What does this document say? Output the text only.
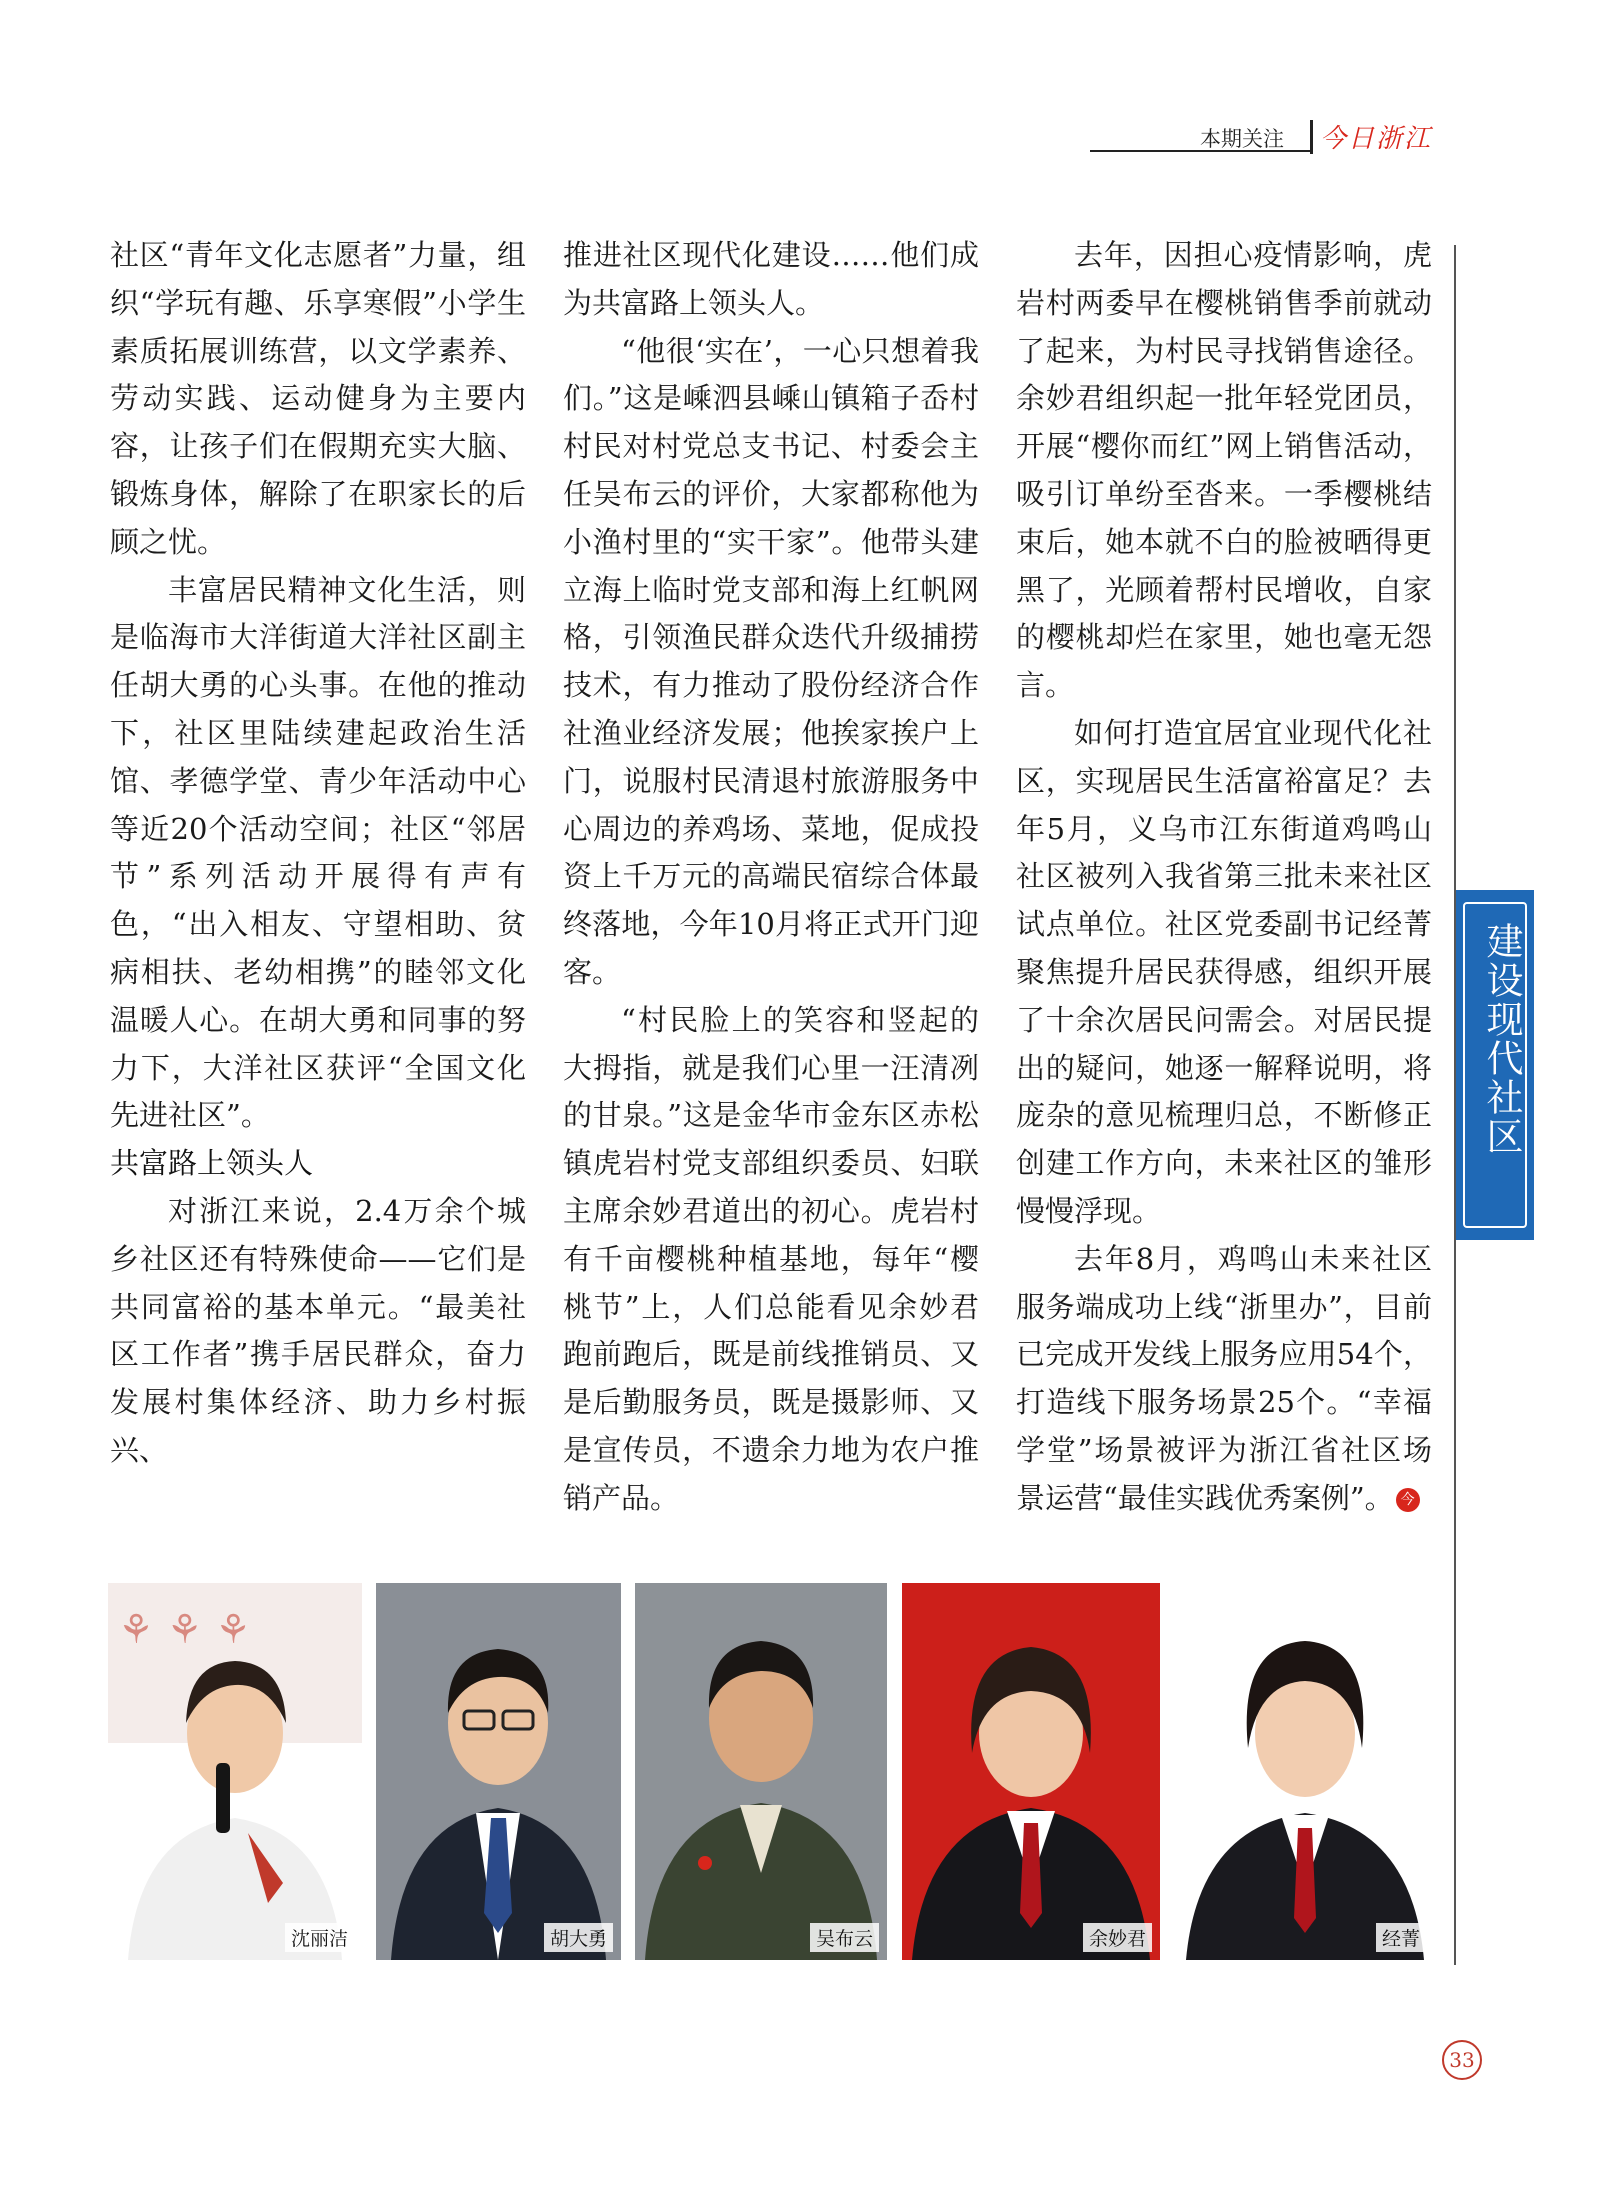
本期关注 今日浙江

社区“青年文化志愿者”力量，组织“学玩有趣、乐享寒假”小学生素质拓展训练营，以文学素养、劳动实践、运动健身为主要内容，让孩子们在假期充实大脑、锻炼身体，解除了在职家长的后顾之忧。

丰富居民精神文化生活，则是临海市大洋街道大洋社区副主任胡大勇的心头事。在他的推动下，社区里陆续建起政治生活馆、孝德学堂、青少年活动中心等近20个活动空间；社区“邻居节”系列活动开展得有声有色，“出入相友、守望相助、贫病相扶、老幼相携”的睦邻文化温暖人心。在胡大勇和同事的努力下，大洋社区获评“全国文化先进社区”。

共富路上领头人

对浙江来说，2.4万余个城乡社区还有特殊使命——它们是共同富裕的基本单元。“最美社区工作者”携手居民群众，奋力发展村集体经济、助力乡村振兴、

推进社区现代化建设……他们成为共富路上领头人。

“他很‘实在’，一心只想着我们。”这是嵊泗县嵊山镇箱子岙村村民对村党总支书记、村委会主任吴布云的评价，大家都称他为小渔村里的“实干家”。他带头建立海上临时党支部和海上红帆网格，引领渔民群众迭代升级捕捞技术，有力推动了股份经济合作社渔业经济发展；他挨家挨户上门，说服村民清退村旅游服务中心周边的养鸡场、菜地，促成投资上千万元的高端民宿综合体最终落地，今年10月将正式开门迎客。

“村民脸上的笑容和竖起的大拇指，就是我们心里一汪清冽的甘泉。”这是金华市金东区赤松镇虎岩村党支部组织委员、妇联主席余妙君道出的初心。虎岩村有千亩樱桃种植基地，每年“樱桃节”上，人们总能看见余妙君跑前跑后，既是前线推销员、又是后勤服务员，既是摄影师、又是宣传员，不遗余力地为农户推销产品。

去年，因担心疫情影响，虎岩村两委早在樱桃销售季前就动了起来，为村民寻找销售途径。余妙君组织起一批年轻党团员，开展“樱你而红”网上销售活动，吸引订单纷至沓来。一季樱桃结束后，她本就不白的脸被晒得更黑了，光顾着帮村民增收，自家的樱桃却烂在家里，她也毫无怨言。

如何打造宜居宜业现代化社区，实现居民生活富裕富足？去年5月，义乌市江东街道鸡鸣山社区被列入我省第三批未来社区试点单位。社区党委副书记经菁聚焦提升居民获得感，组织开展了十余次居民问需会。对居民提出的疑问，她逐一解释说明，将庞杂的意见梳理归总，不断修正创建工作方向，未来社区的雏形慢慢浮现。

去年8月，鸡鸣山未来社区服务端成功上线“浙里办”，目前已完成开发线上服务应用54个，打造线下服务场景25个。“幸福学堂”场景被评为浙江省社区场景运营“最佳实践优秀案例”。 今

建设现代社区
⚘ ⚘ ⚘
沈丽洁	胡大勇	吴布云	余妙君	经菁
33
